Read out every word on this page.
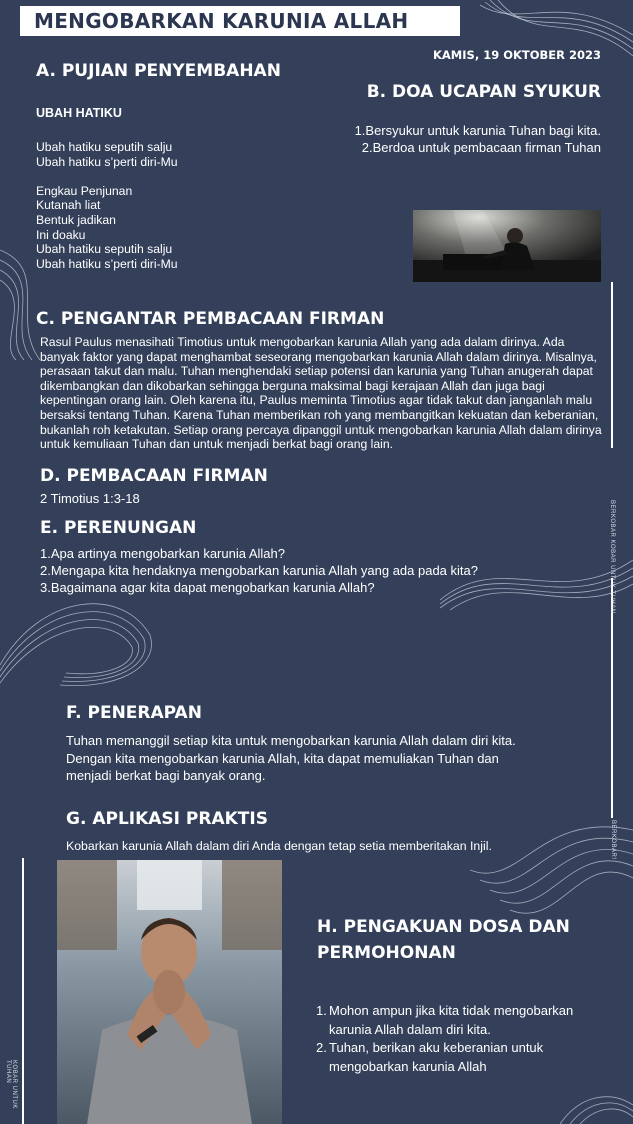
MENGOBARKAN KARUNIA ALLAH
KAMIS, 19 OKTOBER 2023
A. PUJIAN PENYEMBAHAN
UBAH HATIKU
Ubah hatiku seputih salju
Ubah hatiku s’perti diri-Mu
Engkau Penjunan
Kutanah liat
Bentuk jadikan
Ini doaku
Ubah hatiku seputih salju
Ubah hatiku s’perti diri-Mu
B. DOA UCAPAN SYUKUR
1.Bersyukur untuk karunia Tuhan bagi kita.
2.Berdoa untuk pembacaan firman Tuhan
BERKOBAR KOBAR UNTUK TUHAN
BERKOBAR!
KOBAR UNTUK TUHAN
C. PENGANTAR PEMBACAAN FIRMAN
Rasul Paulus menasihati Timotius untuk mengobarkan karunia Allah yang ada dalam dirinya. Ada
banyak faktor yang dapat menghambat seseorang mengobarkan karunia Allah dalam dirinya. Misalnya,
perasaan takut dan malu. Tuhan menghendaki setiap potensi dan karunia yang Tuhan anugerah dapat
dikembangkan dan dikobarkan sehingga berguna maksimal bagi kerajaan Allah dan juga bagi
kepentingan orang lain. Oleh karena itu, Paulus meminta Timotius agar tidak takut dan janganlah malu
bersaksi tentang Tuhan. Karena Tuhan memberikan roh yang membangitkan kekuatan dan keberanian,
bukanlah roh ketakutan. Setiap orang percaya dipanggil untuk mengobarkan karunia Allah dalam dirinya
untuk kemuliaan Tuhan dan untuk menjadi berkat bagi orang lain.
D. PEMBACAAN FIRMAN
2 Timotius 1:3-18
E. PERENUNGAN
1.Apa artinya mengobarkan karunia Allah?
2.Mengapa kita hendaknya mengobarkan karunia Allah yang ada pada kita?
3.Bagaimana agar kita dapat mengobarkan karunia Allah?
F. PENERAPAN
Tuhan memanggil setiap kita untuk mengobarkan karunia Allah dalam diri kita.
Dengan kita mengobarkan karunia Allah, kita dapat memuliakan Tuhan dan
menjadi berkat bagi banyak orang.
G. APLIKASI PRAKTIS
Kobarkan karunia Allah dalam diri Anda dengan tetap setia memberitakan Injil.
H. PENGAKUAN DOSA DAN
PERMOHONAN
1. Mohon ampun jika kita tidak mengobarkan
karunia Allah dalam diri kita.
2. Tuhan, berikan aku keberanian untuk
mengobarkan karunia Allah
